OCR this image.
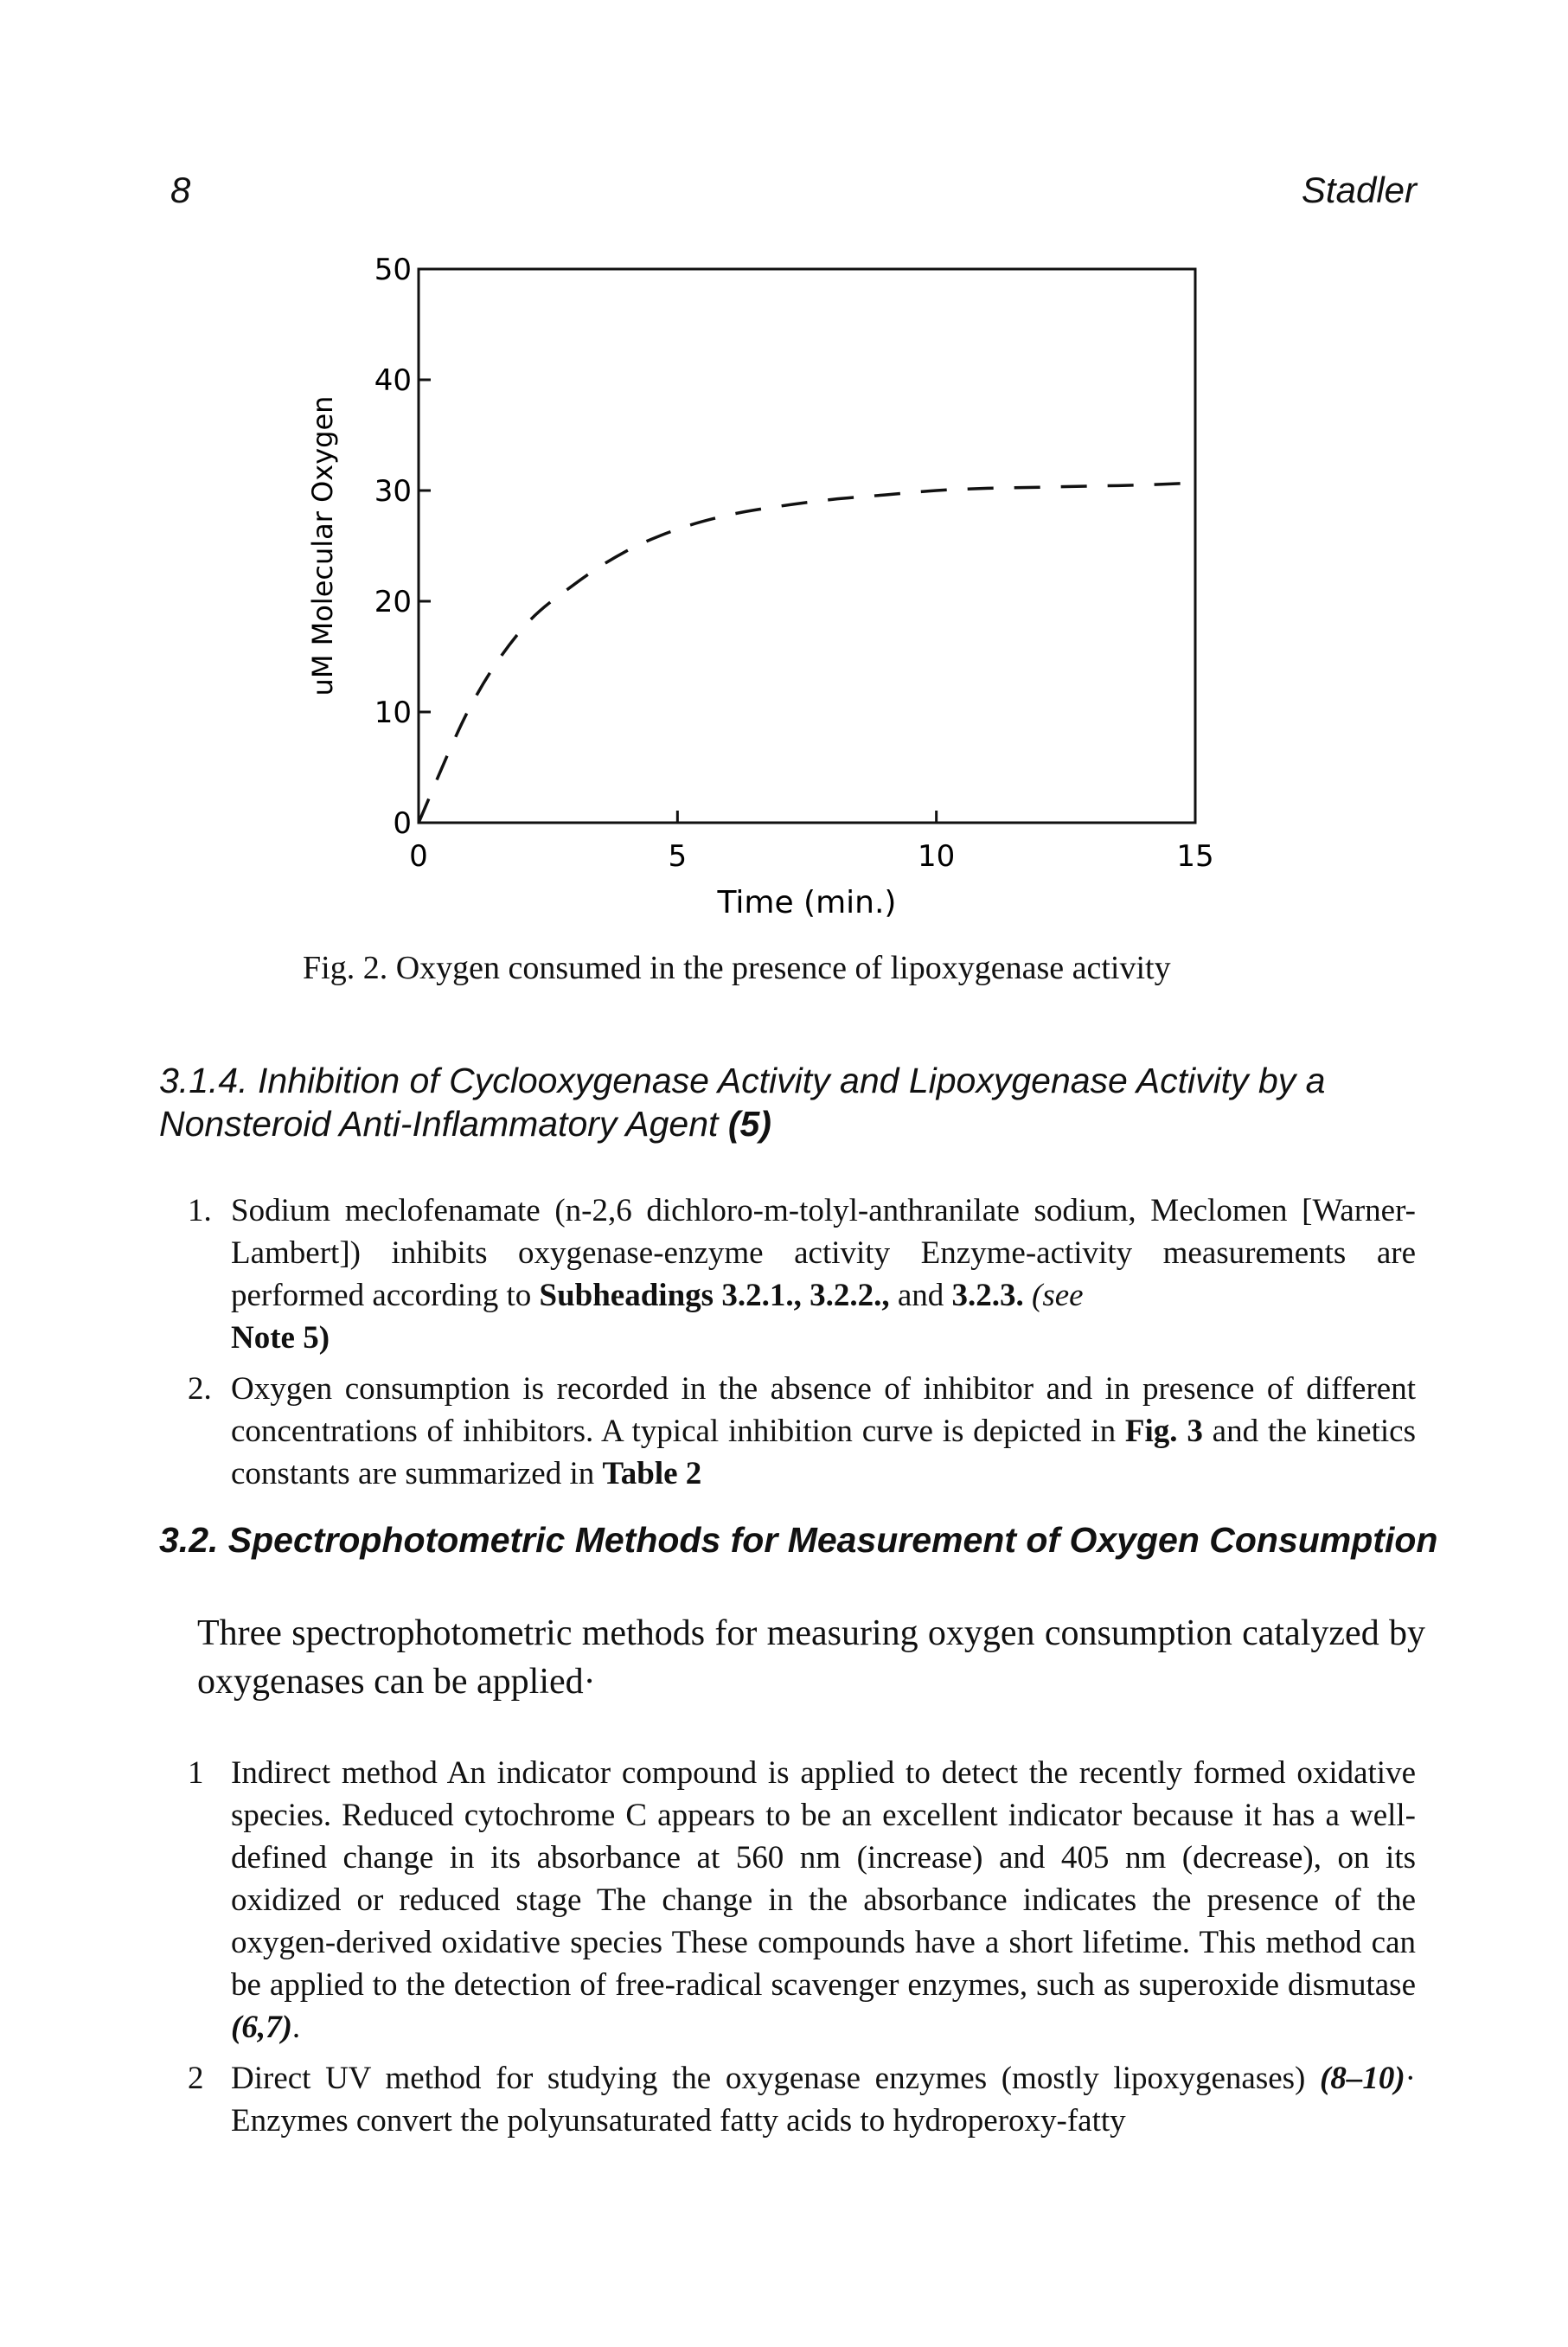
8	Stadler
0
10
20
30
40
50
0	5	10	15
Time (min.)
uM Molecular Oxygen
Fig. 2. Oxygen consumed in the presence of lipoxygenase activity
3.1.4. Inhibition of Cyclooxygenase Activity and Lipoxygenase Activity by a Nonsteroid Anti-Inflammatory Agent (5)
1. Sodium meclofenamate (n-2,6 dichloro-m-tolyl-anthranilate sodium, Meclomen [Warner-Lambert]) inhibits oxygenase-enzyme activity Enzyme-activity measurements are performed according to Subheadings 3.2.1., 3.2.2., and 3.2.3. (see
Note 5)
2. Oxygen consumption is recorded in the absence of inhibitor and in presence of different concentrations of inhibitors. A typical inhibition curve is depicted in Fig. 3 and the kinetics constants are summarized in Table 2
3.2. Spectrophotometric Methods for Measurement of Oxygen Consumption
Three spectrophotometric methods for measuring oxygen consumption catalyzed by oxygenases can be applied·
1 Indirect method An indicator compound is applied to detect the recently formed oxidative species. Reduced cytochrome C appears to be an excellent indicator because it has a well-defined change in its absorbance at 560 nm (increase) and 405 nm (decrease), on its oxidized or reduced stage The change in the absorbance indicates the presence of the oxygen-derived oxidative species These compounds have a short lifetime. This method can be applied to the detection of free-radical scavenger enzymes, such as superoxide dismutase (6,7).
2 Direct UV method for studying the oxygenase enzymes (mostly lipoxygenases) (8–10)· Enzymes convert the polyunsaturated fatty acids to hydroperoxy-fatty
